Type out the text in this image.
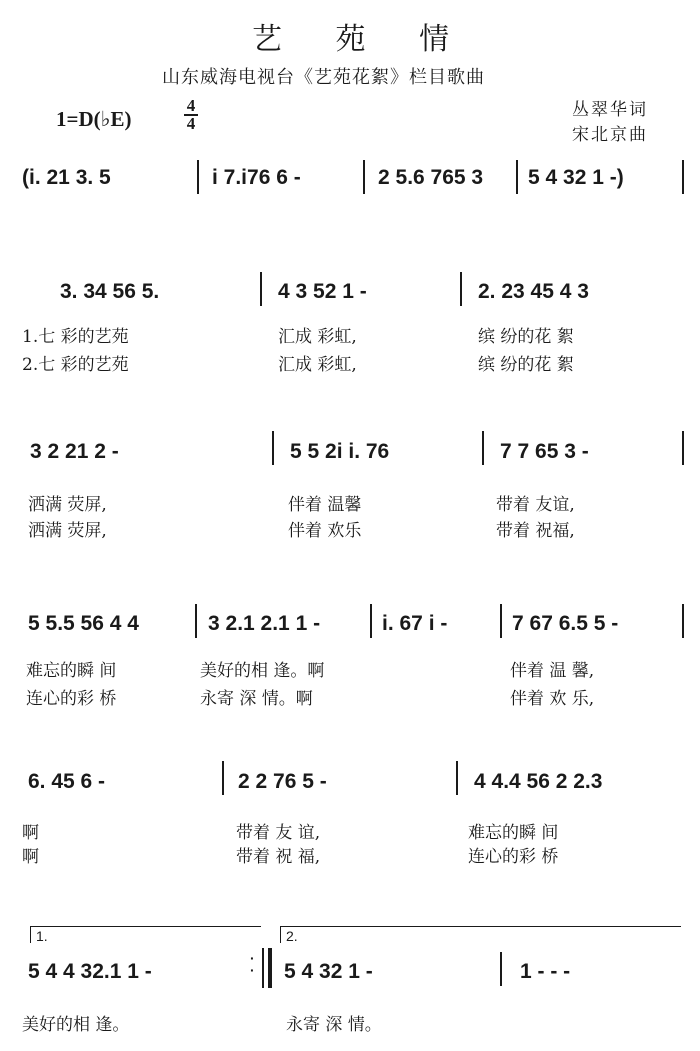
艺 苑 情
山东威海电视台《艺苑花絮》栏目歌曲
1=D(♭E)
4
4
丛翠华词
宋北京曲
(i. 21 3. 5	i 7.i76 6 -	2 5.6 765 3 5 4 32 1 -)
3. 34 56 5.	4 3 52 1 -	2. 23 45 4 3
1.七 彩的艺苑	汇成 彩虹,	缤 纷的花 絮
2.七 彩的艺苑	汇成 彩虹,	缤 纷的花 絮
3 2 21 2 -	5 5 2i i. 76	7 7 65 3 -
洒满 荧屏,	伴着 温馨	带着 友谊,
洒满 荧屏,	伴着 欢乐	带着 祝福,
5 5.5 56 4 4	3 2.1 2.1 1 -	i. 67 i -	7 67 6.5 5 -
难忘的瞬 间	美好的相 逢。啊	伴着 温 馨,
连心的彩 桥	永寄 深 情。啊	伴着 欢 乐,
6. 45 6 -	2 2 76 5 -	4 4.4 56 2 2.3
啊	带着 友 谊,	难忘的瞬 间
啊	带着 祝 福,	连心的彩 桥
1.	2.
·
·
5 4 4 32.1 1 -	5 4 32 1 -	1 - - -
美好的相 逢。	永寄 深 情。
